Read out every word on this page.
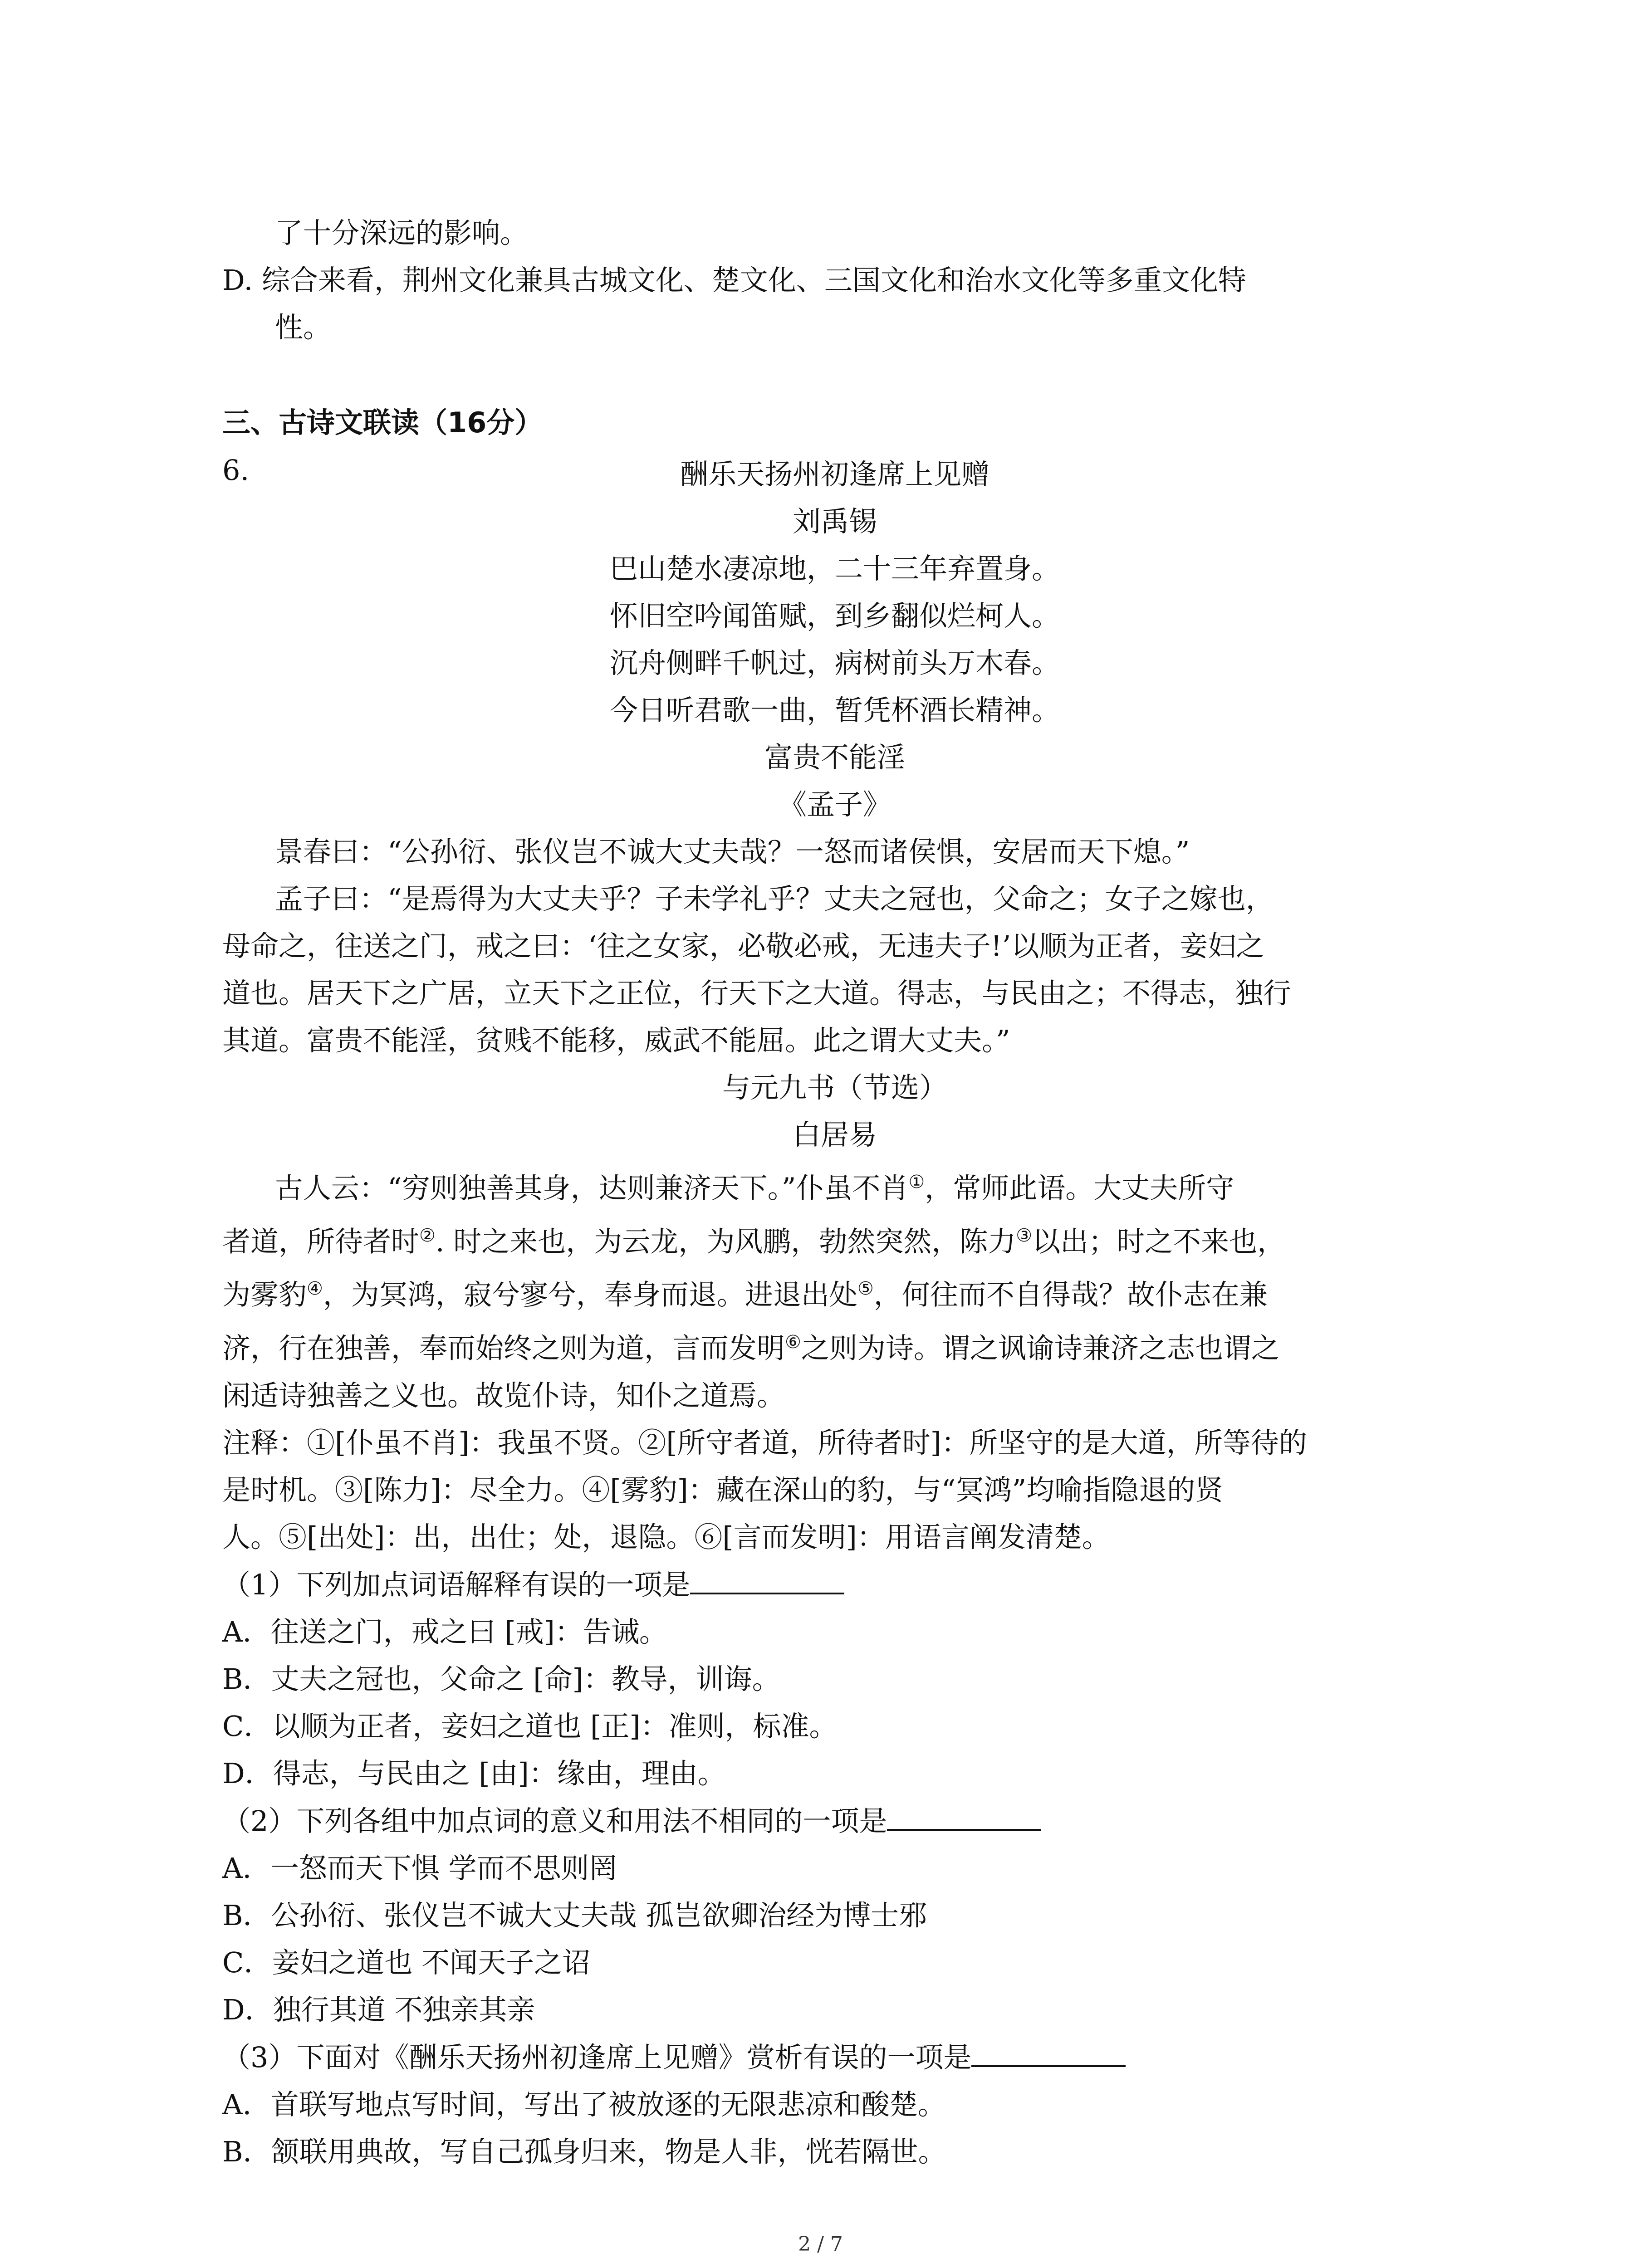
了十分深远的影响。

D. 综合来看，荆州文化兼具古城文化、楚文化、三国文化和治水文化等多重文化特

性。

三、古诗文联读（16分）

6.	酬乐天扬州初逢席上见赠

刘禹锡

巴山楚水凄凉地，二十三年弃置身。

怀旧空吟闻笛赋，到乡翻似烂柯人。

沉舟侧畔千帆过，病树前头万木春。

今日听君歌一曲，暂凭杯酒长精神。

富贵不能淫

《孟子》

景春曰：“公孙衍、张仪岂不诚大丈夫哉？一怒而诸侯惧，安居而天下熄。”

孟子曰：“是焉得为大丈夫乎？子未学礼乎？丈夫之冠也，父命之；女子之嫁也，

母命之，往送之门，戒之曰：‘往之女家，必敬必戒，无违夫子!’以顺为正者，妾妇之

道也。居天下之广居，立天下之正位，行天下之大道。得志，与民由之；不得志，独行

其道。富贵不能淫，贫贱不能移，威武不能屈。此之谓大丈夫。”

与元九书（节选）

白居易

古人云：“穷则独善其身，达则兼济天下。”仆虽不肖①，常师此语。大丈夫所守

者道，所待者时②. 时之来也，为云龙，为风鹏，勃然突然，陈力③以出；时之不来也，

为雾豹④，为冥鸿，寂兮寥兮，奉身而退。进退出处⑤，何往而不自得哉？故仆志在兼

济，行在独善，奉而始终之则为道，言而发明⑥之则为诗。谓之讽谕诗兼济之志也谓之

闲适诗独善之义也。故览仆诗，知仆之道焉。

注释：①[仆虽不肖]：我虽不贤。②[所守者道，所待者时]：所坚守的是大道，所等待的

是时机。③[陈力]：尽全力。④[雾豹]：藏在深山的豹，与“冥鸿”均喻指隐退的贤

人。⑤[出处]：出，出仕；处，退隐。⑥[言而发明]：用语言阐发清楚。

（1）下列加点词语解释有误的一项是

A．往送之门，戒之曰 [戒]：告诫。

B．丈夫之冠也，父命之 [命]：教导，训诲。

C．以顺为正者，妾妇之道也 [正]：准则，标准。

D．得志，与民由之 [由]：缘由，理由。

（2）下列各组中加点词的意义和用法不相同的一项是

A．一怒而天下惧 学而不思则罔

B．公孙衍、张仪岂不诚大丈夫哉 孤岂欲卿治经为博士邪

C．妾妇之道也 不闻天子之诏

D．独行其道 不独亲其亲

（3）下面对《酬乐天扬州初逢席上见赠》赏析有误的一项是

A．首联写地点写时间，写出了被放逐的无限悲凉和酸楚。

B．颔联用典故，写自己孤身归来，物是人非，恍若隔世。

2 / 7
